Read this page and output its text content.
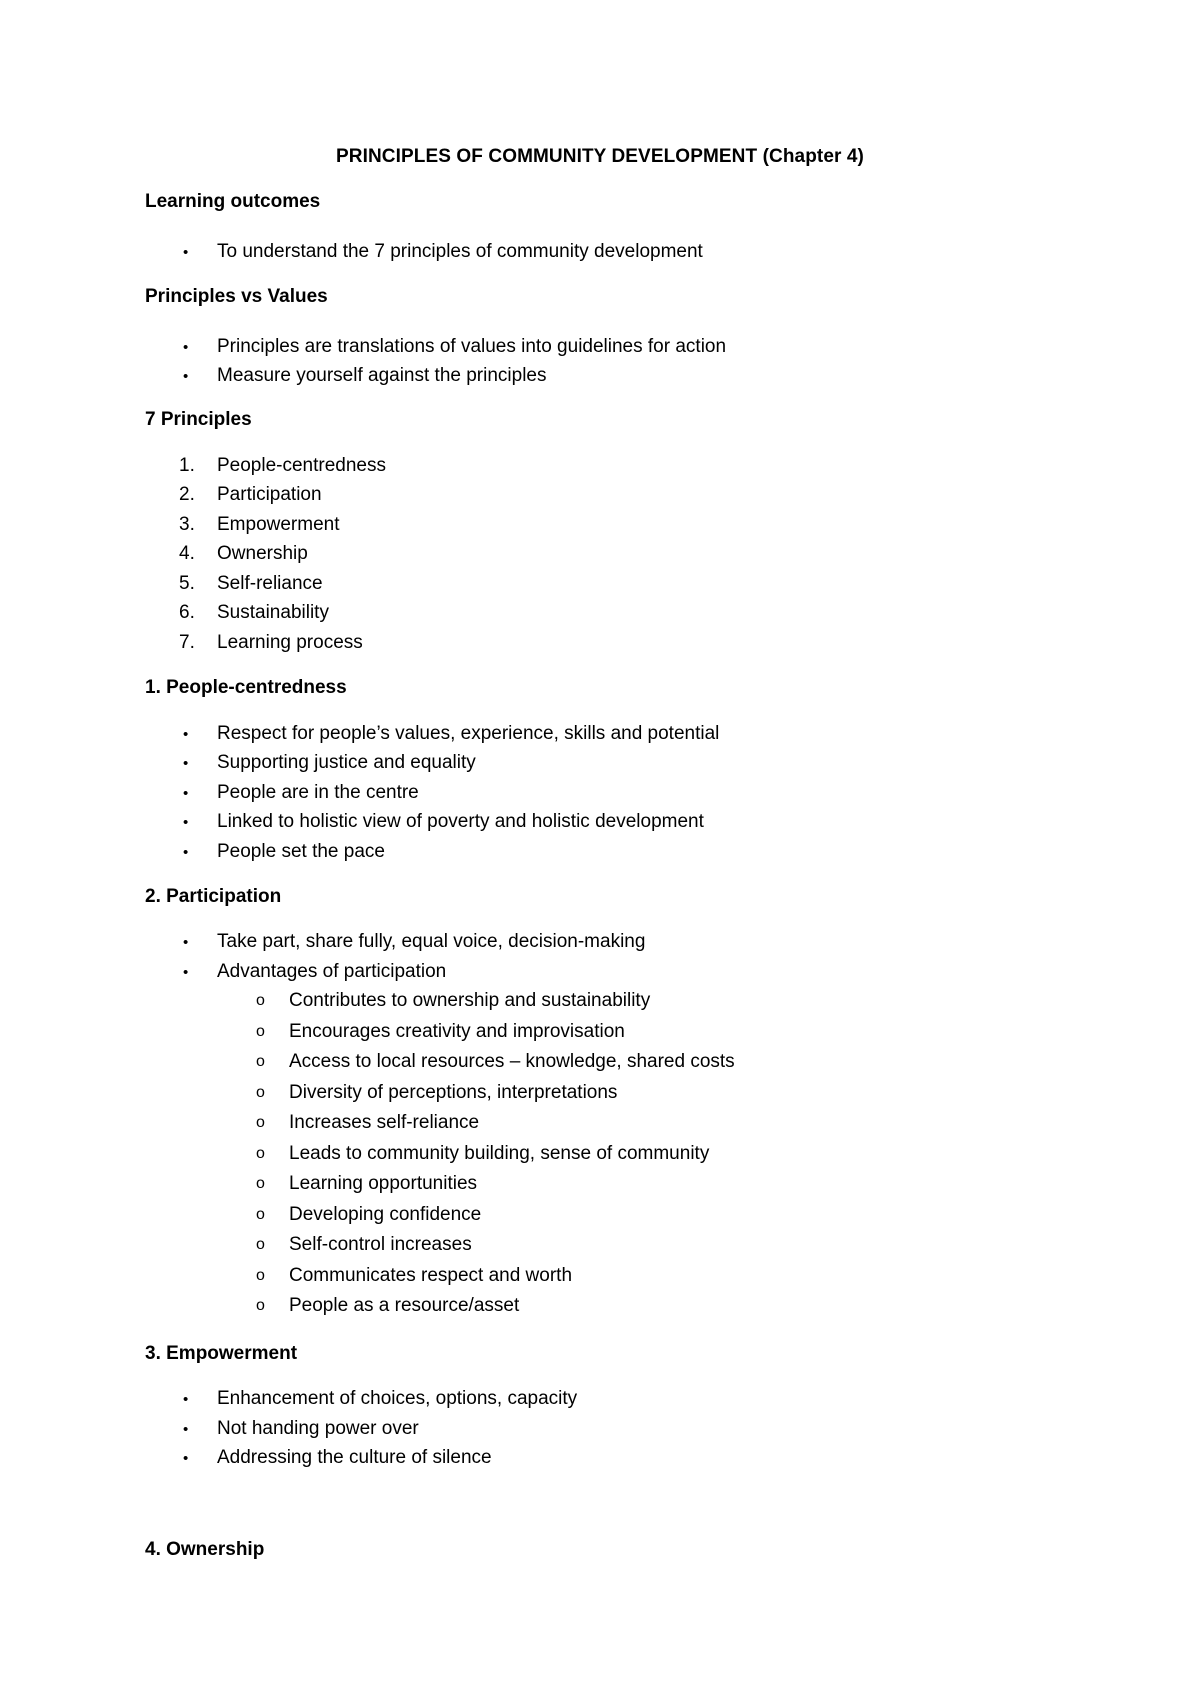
PRINCIPLES OF COMMUNITY DEVELOPMENT (Chapter 4)
Learning outcomes
• To understand the 7 principles of community development
Principles vs Values
• Principles are translations of values into guidelines for action
• Measure yourself against the principles
7 Principles
1. People-centredness
2. Participation
3. Empowerment
4. Ownership
5. Self-reliance
6. Sustainability
7. Learning process
1. People-centredness
• Respect for people’s values, experience, skills and potential
• Supporting justice and equality
• People are in the centre
• Linked to holistic view of poverty and holistic development
• People set the pace
2. Participation
• Take part, share fully, equal voice, decision-making
• Advantages of participation
o Contributes to ownership and sustainability
o Encourages creativity and improvisation
o Access to local resources – knowledge, shared costs
o Diversity of perceptions, interpretations
o Increases self-reliance
o Leads to community building, sense of community
o Learning opportunities
o Developing confidence
o Self-control increases
o Communicates respect and worth
o People as a resource/asset
3. Empowerment
• Enhancement of choices, options, capacity
• Not handing power over
• Addressing the culture of silence
4. Ownership
